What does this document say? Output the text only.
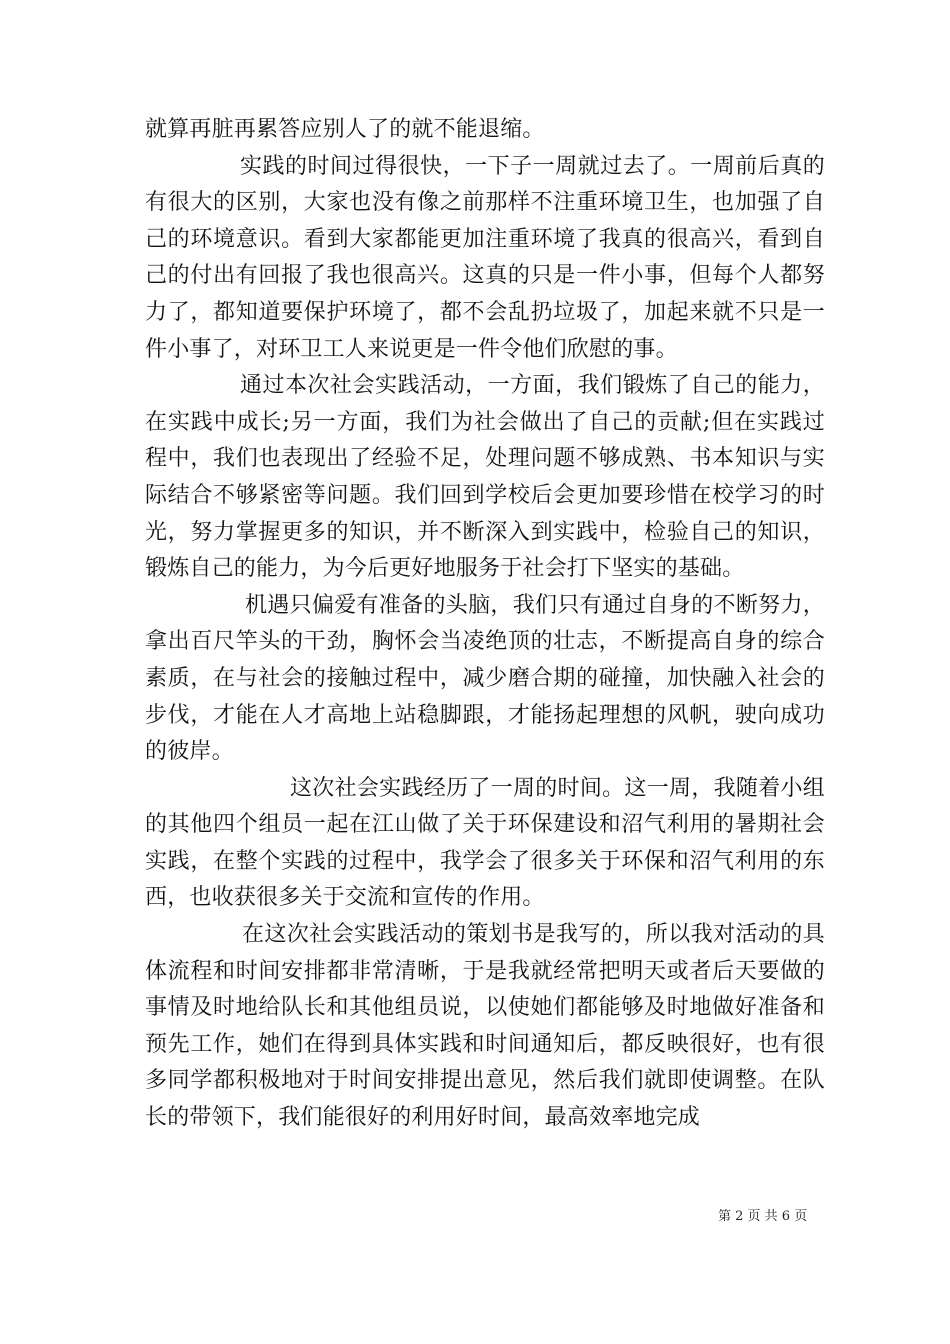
就算再脏再累答应别人了的就不能退缩。

实践的时间过得很快，一下子一周就过去了。一周前后真的有很大的区别，大家也没有像之前那样不注重环境卫生，也加强了自己的环境意识。看到大家都能更加注重环境了我真的很高兴，看到自己的付出有回报了我也很高兴。这真的只是一件小事，但每个人都努力了，都知道要保护环境了，都不会乱扔垃圾了，加起来就不只是一件小事了，对环卫工人来说更是一件令他们欣慰的事。

通过本次社会实践活动，一方面，我们锻炼了自己的能力，在实践中成长;另一方面，我们为社会做出了自己的贡献;但在实践过程中，我们也表现出了经验不足，处理问题不够成熟、书本知识与实际结合不够紧密等问题。我们回到学校后会更加要珍惜在校学习的时光，努力掌握更多的知识，并不断深入到实践中，检验自己的知识，锻炼自己的能力，为今后更好地服务于社会打下坚实的基础。

机遇只偏爱有准备的头脑，我们只有通过自身的不断努力，拿出百尺竿头的干劲，胸怀会当凌绝顶的壮志，不断提高自身的综合素质，在与社会的接触过程中，减少磨合期的碰撞，加快融入社会的步伐，才能在人才高地上站稳脚跟，才能扬起理想的风帆，驶向成功的彼岸。

这次社会实践经历了一周的时间。这一周，我随着小组的其他四个组员一起在江山做了关于环保建设和沼气利用的暑期社会实践，在整个实践的过程中，我学会了很多关于环保和沼气利用的东西，也收获很多关于交流和宣传的作用。

在这次社会实践活动的策划书是我写的，所以我对活动的具体流程和时间安排都非常清晰，于是我就经常把明天或者后天要做的事情及时地给队长和其他组员说，以使她们都能够及时地做好准备和预先工作，她们在得到具体实践和时间通知后，都反映很好，也有很多同学都积极地对于时间安排提出意见，然后我们就即使调整。在队长的带领下，我们能很好的利用好时间，最高效率地完成

第 2 页 共 6 页
